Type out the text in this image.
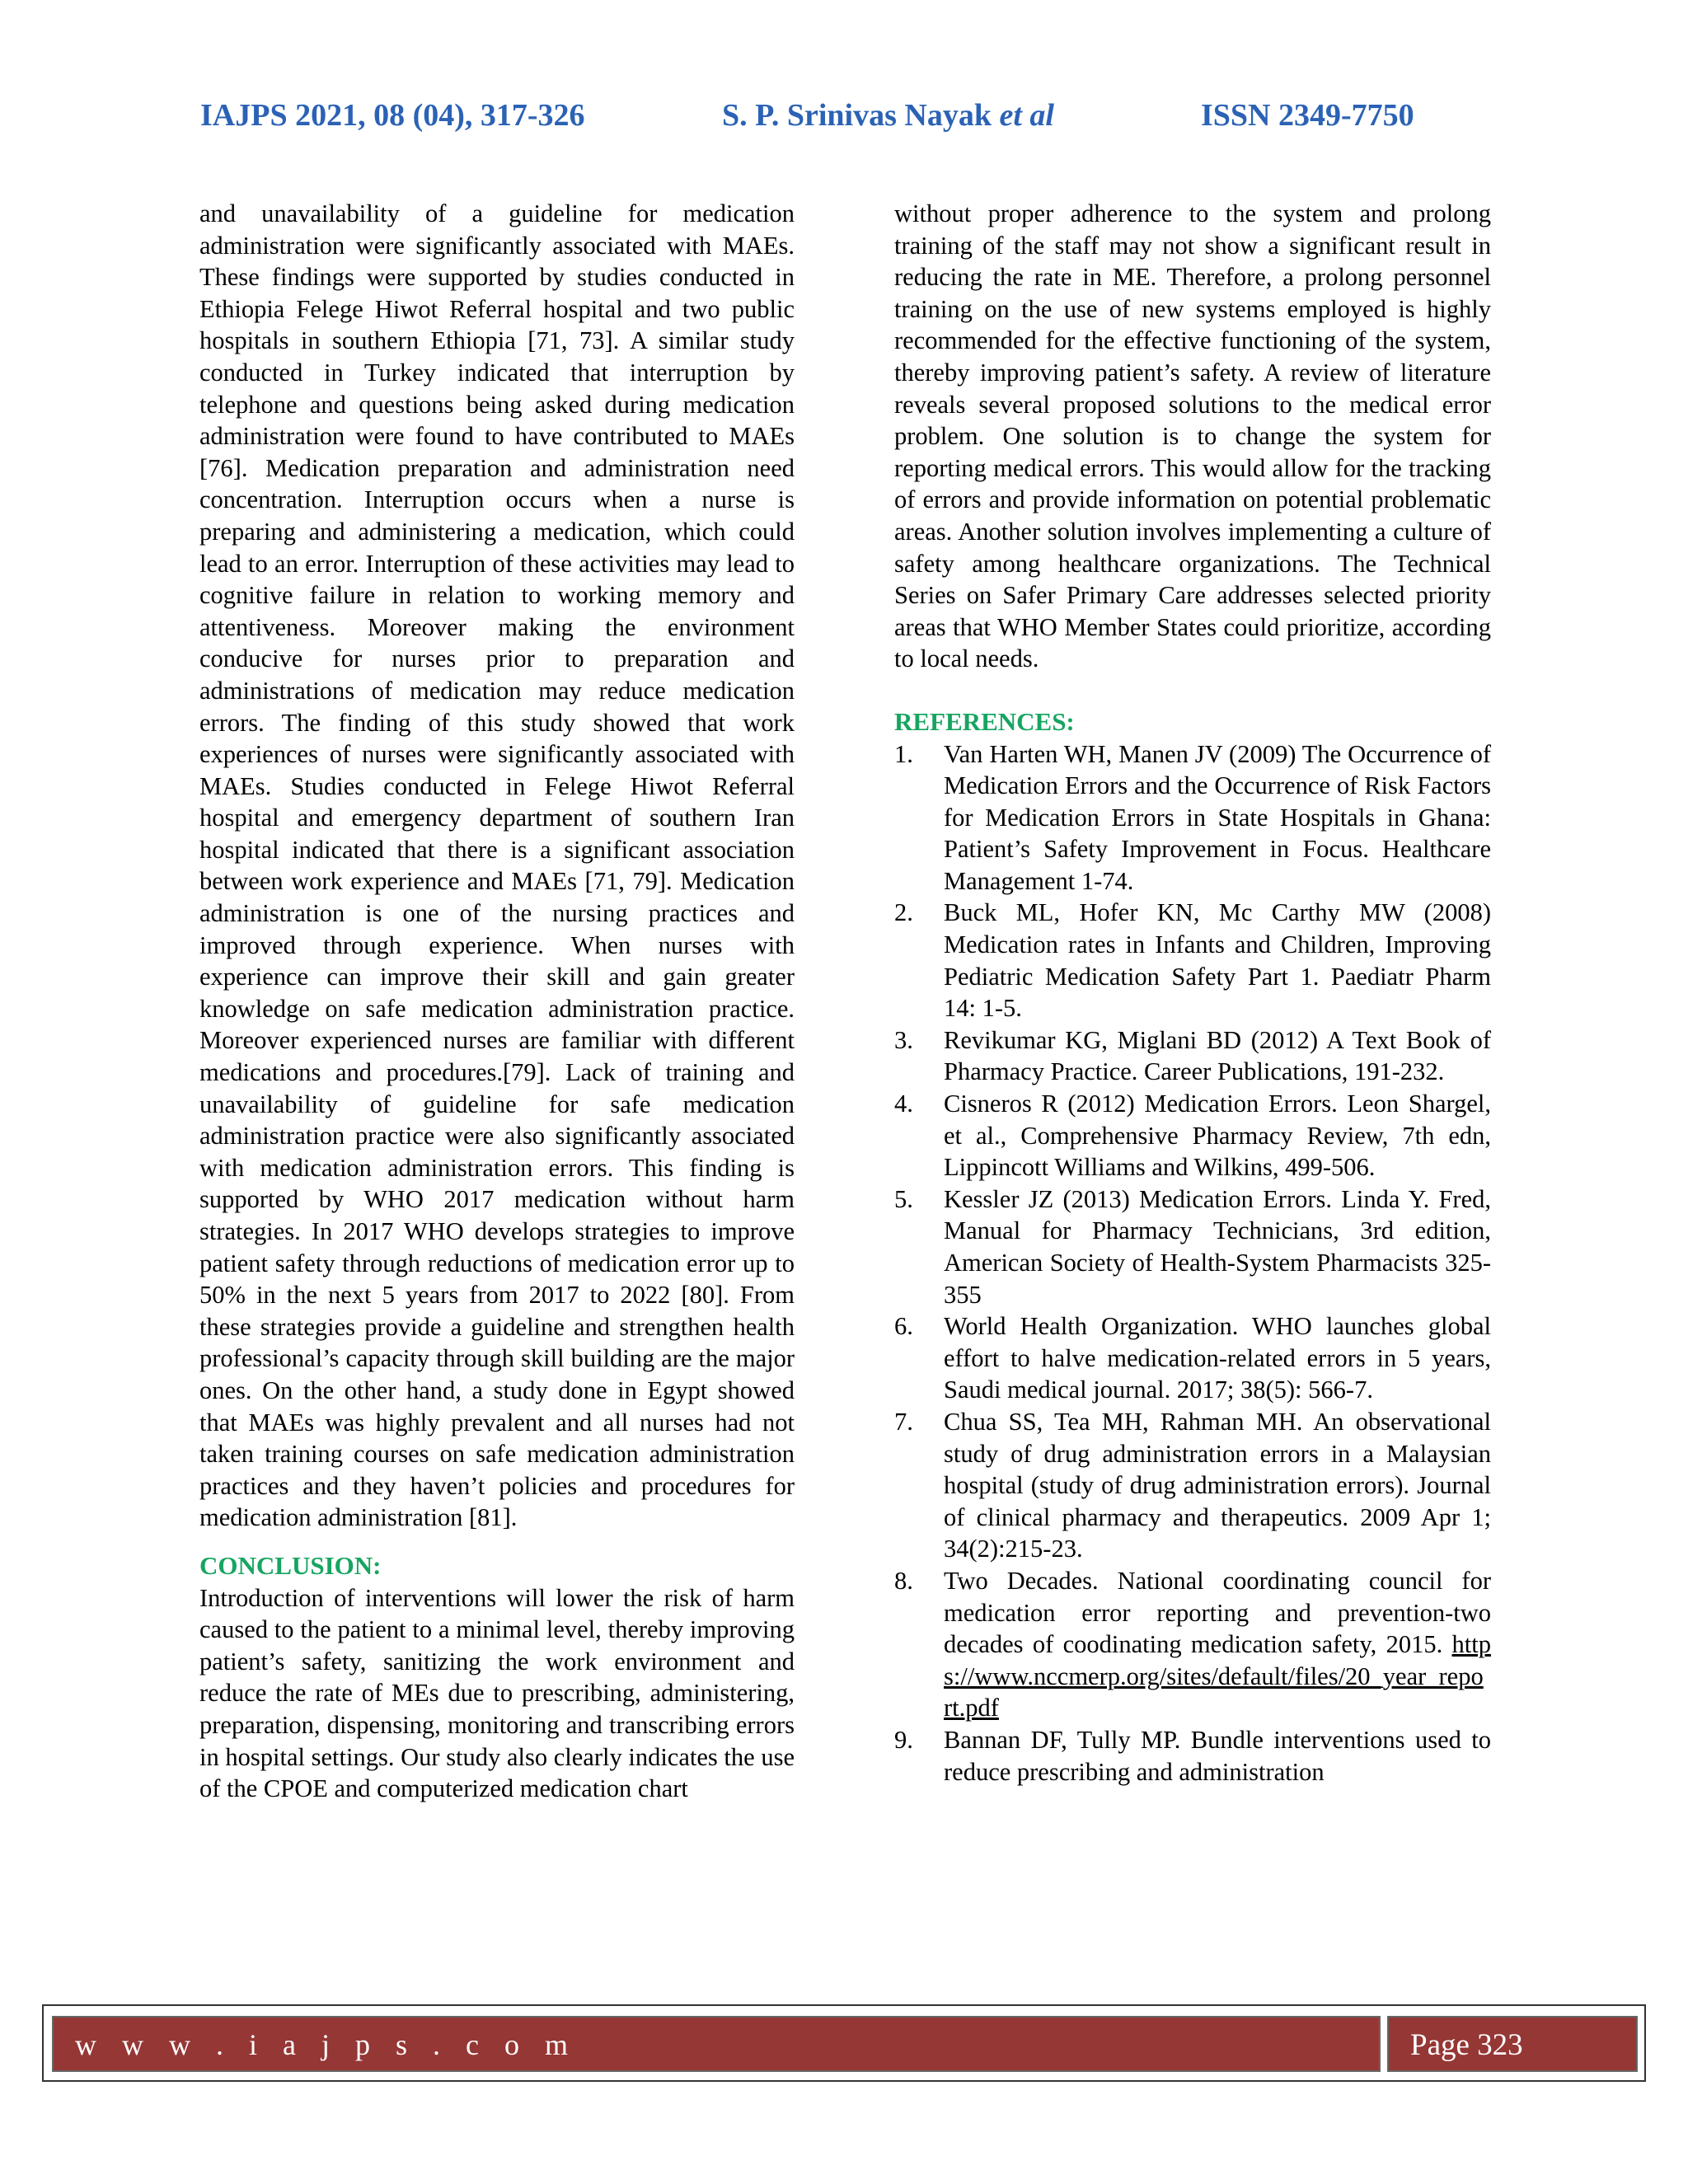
IAJPS 2021, 08 (04), 317-326	S. P. Srinivas Nayak et al	ISSN 2349-7750

and unavailability of a guideline for medication administration were significantly associated with MAEs. These findings were supported by studies conducted in Ethiopia Felege Hiwot Referral hospital and two public hospitals in southern Ethiopia [71, 73]. A similar study conducted in Turkey indicated that interruption by telephone and questions being asked during medication administration were found to have contributed to MAEs [76]. Medication preparation and administration need concentration. Interruption occurs when a nurse is preparing and administering a medication, which could lead to an error. Interruption of these activities may lead to cognitive failure in relation to working memory and attentiveness. Moreover making the environment conducive for nurses prior to preparation and administrations of medication may reduce medication errors. The finding of this study showed that work experiences of nurses were significantly associated with MAEs. Studies conducted in Felege Hiwot Referral hospital and emergency department of southern Iran hospital indicated that there is a significant association between work experience and MAEs [71, 79]. Medication administration is one of the nursing practices and improved through experience. When nurses with experience can improve their skill and gain greater knowledge on safe medication administration practice. Moreover experienced nurses are familiar with different medications and procedures.[79]. Lack of training and unavailability of guideline for safe medication administration practice were also significantly associated with medication administration errors. This finding is supported by WHO 2017 medication without harm strategies. In 2017 WHO develops strategies to improve patient safety through reductions of medication error up to 50% in the next 5 years from 2017 to 2022 [80]. From these strategies provide a guideline and strengthen health professional’s capacity through skill building are the major ones. On the other hand, a study done in Egypt showed that MAEs was highly prevalent and all nurses had not taken training courses on safe medication administration practices and they haven’t policies and procedures for medication administration [81].

CONCLUSION:

Introduction of interventions will lower the risk of harm caused to the patient to a minimal level, thereby improving patient’s safety, sanitizing the work environment and reduce the rate of MEs due to prescribing, administering, preparation, dispensing, monitoring and transcribing errors in hospital settings. Our study also clearly indicates the use of the CPOE and computerized medication chart

without proper adherence to the system and prolong training of the staff may not show a significant result in reducing the rate in ME. Therefore, a prolong personnel training on the use of new systems employed is highly recommended for the effective functioning of the system, thereby improving patient’s safety. A review of literature reveals several proposed solutions to the medical error problem. One solution is to change the system for reporting medical errors. This would allow for the tracking of errors and provide information on potential problematic areas. Another solution involves implementing a culture of safety among healthcare organizations. The Technical Series on Safer Primary Care addresses selected priority areas that WHO Member States could prioritize, according to local needs.

REFERENCES:

1. Van Harten WH, Manen JV (2009) The Occurrence of Medication Errors and the Occurrence of Risk Factors for Medication Errors in State Hospitals in Ghana: Patient’s Safety Improvement in Focus. Healthcare Management 1-74.
2. Buck ML, Hofer KN, Mc Carthy MW (2008) Medication rates in Infants and Children, Improving Pediatric Medication Safety Part 1. Paediatr Pharm 14: 1-5.
3. Revikumar KG, Miglani BD (2012) A Text Book of Pharmacy Practice. Career Publications, 191-232.
4. Cisneros R (2012) Medication Errors. Leon Shargel, et al., Comprehensive Pharmacy Review, 7th edn, Lippincott Williams and Wilkins, 499-506.
5. Kessler JZ (2013) Medication Errors. Linda Y. Fred, Manual for Pharmacy Technicians, 3rd edition, American Society of Health-System Pharmacists 325- 355
6. World Health Organization. WHO launches global effort to halve medication-related errors in 5 years, Saudi medical journal. 2017; 38(5): 566-7.
7. Chua SS, Tea MH, Rahman MH. An observational study of drug administration errors in a Malaysian hospital (study of drug administration errors). Journal of clinical pharmacy and therapeutics. 2009 Apr 1; 34(2):215-23.
8. Two Decades. National coordinating council for medication error reporting and prevention-two decades of coodinating medication safety, 2015. https://www.nccmerp.org/sites/default/files/20_year_report.pdf
9. Bannan DF, Tully MP. Bundle interventions used to reduce prescribing and administration
w w w . i a j p s . c o m	Page 323
